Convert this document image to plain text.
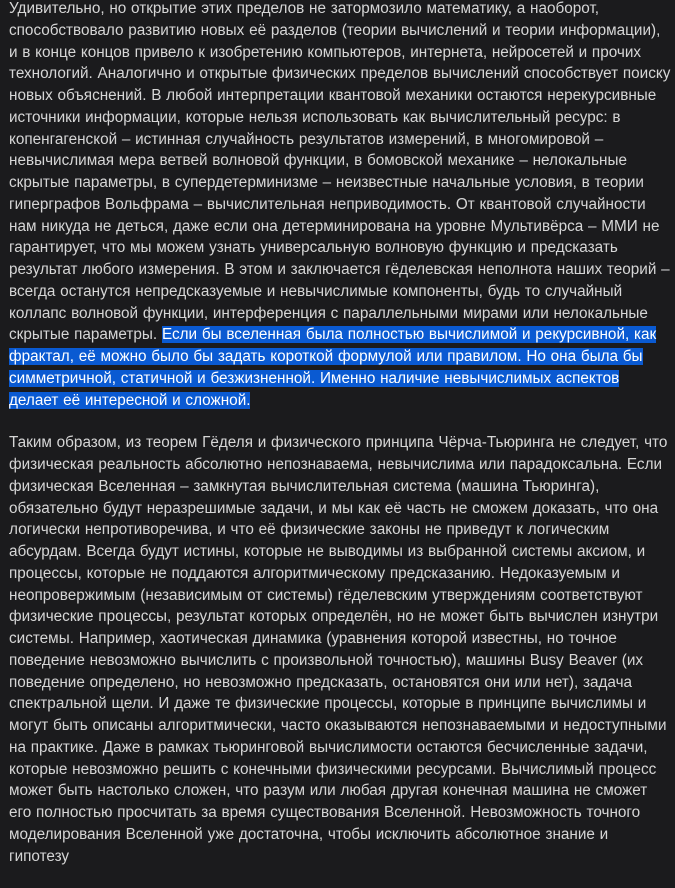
Удивительно, но открытие этих пределов не затормозило математику, а наоборот, способствовало развитию новых её разделов (теории вычислений и теории информации), и в конце концов привело к изобретению компьютеров, интернета, нейросетей и прочих технологий. Аналогично и открытые физических пределов вычислений способствует поиску новых объяснений. В любой интерпретации квантовой механики остаются нерекурсивные источники информации, которые нельзя использовать как вычислительный ресурс: в копенгагенской – истинная случайность результатов измерений, в многомировой – невычислимая мера ветвей волновой функции, в бомовской механике – нелокальные скрытые параметры, в супердетерминизме – неизвестные начальные условия, в теории гиперграфов Вольфрама – вычислительная неприводимость. От квантовой случайности нам никуда не деться, даже если она детерминирована на уровне Мультивёрса – ММИ не гарантирует, что мы можем узнать универсальную волновую функцию и предсказать результат любого измерения. В этом и заключается гёделевская неполнота наших теорий – всегда останутся непредсказуемые и невычислимые компоненты, будь то случайный коллапс волновой функции, интерференция с параллельными мирами или нелокальные скрытые параметры. Если бы вселенная была полностью вычислимой и рекурсивной, как фрактал, её можно было бы задать короткой формулой или правилом. Но она была бы симметричной, статичной и безжизненной. Именно наличие невычислимых аспектов делает её интересной и сложной.

Таким образом, из теорем Гёделя и физического принципа Чёрча-Тьюринга не следует, что физическая реальность абсолютно непознаваема, невычислима или парадоксальна. Если физическая Вселенная – замкнутая вычислительная система (машина Тьюринга), обязательно будут неразрешимые задачи, и мы как её часть не сможем доказать, что она логически непротиворечива, и что её физические законы не приведут к логическим абсурдам. Всегда будут истины, которые не выводимы из выбранной системы аксиом, и процессы, которые не поддаются алгоритмическому предсказанию. Недоказуемым и неопровержимым (независимым от системы) гёделевским утверждениям соответствуют физические процессы, результат которых определён, но не может быть вычислен изнутри системы. Например, хаотическая динамика (уравнения которой известны, но точное поведение невозможно вычислить с произвольной точностью), машины Busy Beaver (их поведение определено, но невозможно предсказать, остановятся они или нет), задача спектральной щели. И даже те физические процессы, которые в принципе вычислимы и могут быть описаны алгоритмически, часто оказываются непознаваемыми и недоступными на практике. Даже в рамках тьюринговой вычислимости остаются бесчисленные задачи, которые невозможно решить с конечными физическими ресурсами. Вычислимый процесс может быть настолько сложен, что разум или любая другая конечная машина не сможет его полностью просчитать за время существования Вселенной. Невозможность точного моделирования Вселенной уже достаточна, чтобы исключить абсолютное знание и гипотезу
